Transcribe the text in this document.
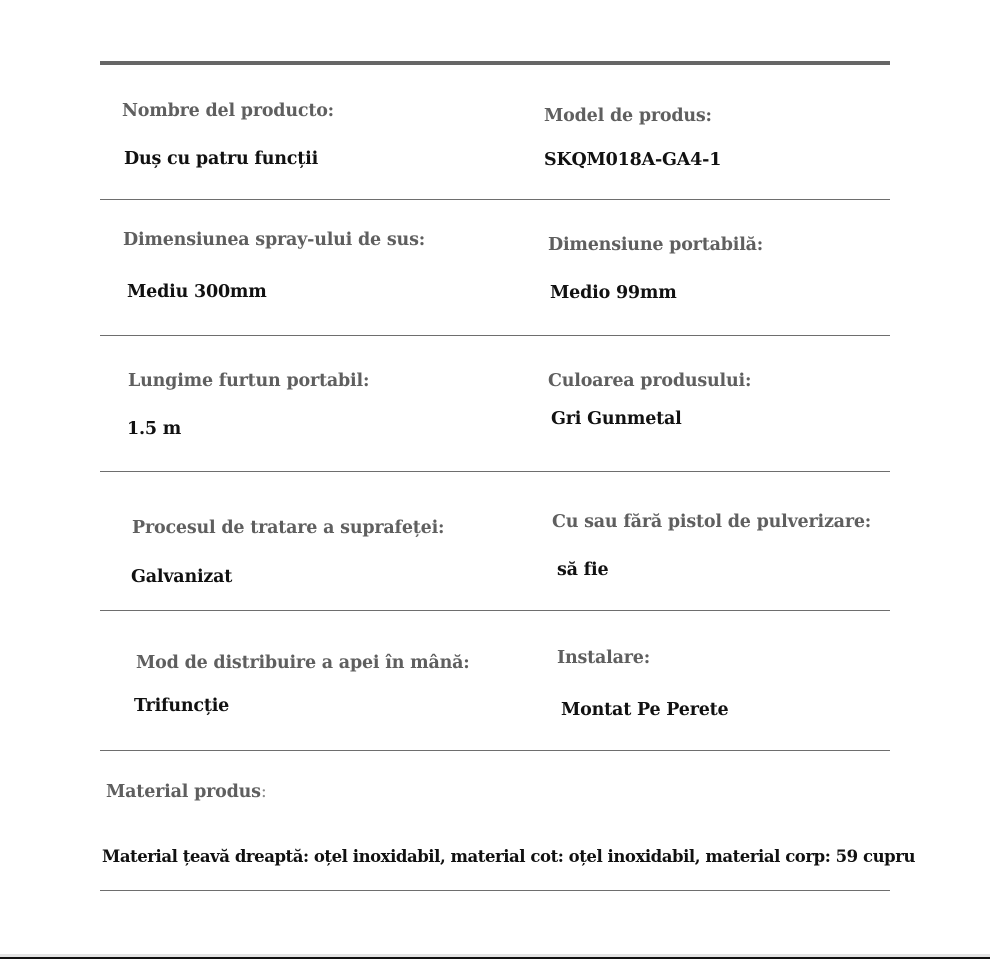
Nombre del producto:
Duș cu patru funcții
Model de produs:
SKQM018A-GA4-1
Dimensiunea spray-ului de sus:
Mediu 300mm
Dimensiune portabilă:
Medio 99mm
Lungime furtun portabil:
1.5 m
Culoarea produsului:
Gri Gunmetal
Procesul de tratare a suprafeței:
Galvanizat
Cu sau fără pistol de pulverizare:
să fie
Mod de distribuire a apei în mână:
Trifuncție
Instalare:
Montat Pe Perete
Material produs:
Material țeavă dreaptă: oțel inoxidabil, material cot: oțel inoxidabil, material corp: 59 cupru
